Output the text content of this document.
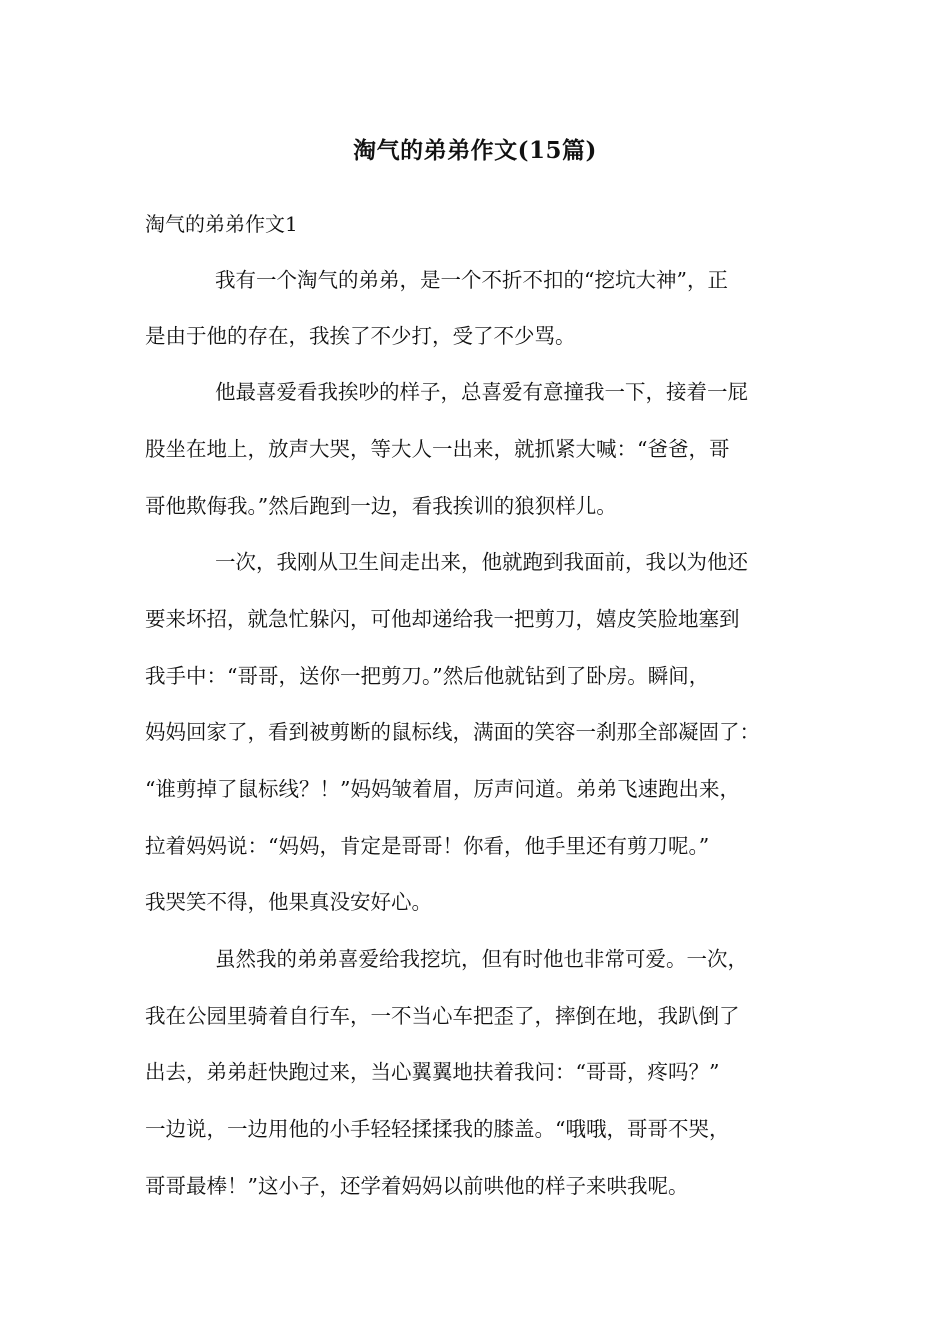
淘气的弟弟作文(15篇)
淘气的弟弟作文1
我有一个淘气的弟弟，是一个不折不扣的“挖坑大神”，正
是由于他的存在，我挨了不少打，受了不少骂。
他最喜爱看我挨吵的样子，总喜爱有意撞我一下，接着一屁
股坐在地上，放声大哭，等大人一出来，就抓紧大喊：“爸爸，哥
哥他欺侮我。”然后跑到一边，看我挨训的狼狈样儿。
一次，我刚从卫生间走出来，他就跑到我面前，我以为他还
要来坏招，就急忙躲闪，可他却递给我一把剪刀，嬉皮笑脸地塞到
我手中：“哥哥，送你一把剪刀。”然后他就钻到了卧房。瞬间，
妈妈回家了，看到被剪断的鼠标线，满面的笑容一刹那全部凝固了：
“谁剪掉了鼠标线？！”妈妈皱着眉，厉声问道。弟弟飞速跑出来，
拉着妈妈说：“妈妈，肯定是哥哥！你看，他手里还有剪刀呢。”
我哭笑不得，他果真没安好心。
虽然我的弟弟喜爱给我挖坑，但有时他也非常可爱。一次，
我在公园里骑着自行车，一不当心车把歪了，摔倒在地，我趴倒了
出去，弟弟赶快跑过来，当心翼翼地扶着我问：“哥哥，疼吗？”
一边说，一边用他的小手轻轻揉揉我的膝盖。“哦哦，哥哥不哭，
哥哥最棒！”这小子，还学着妈妈以前哄他的样子来哄我呢。
